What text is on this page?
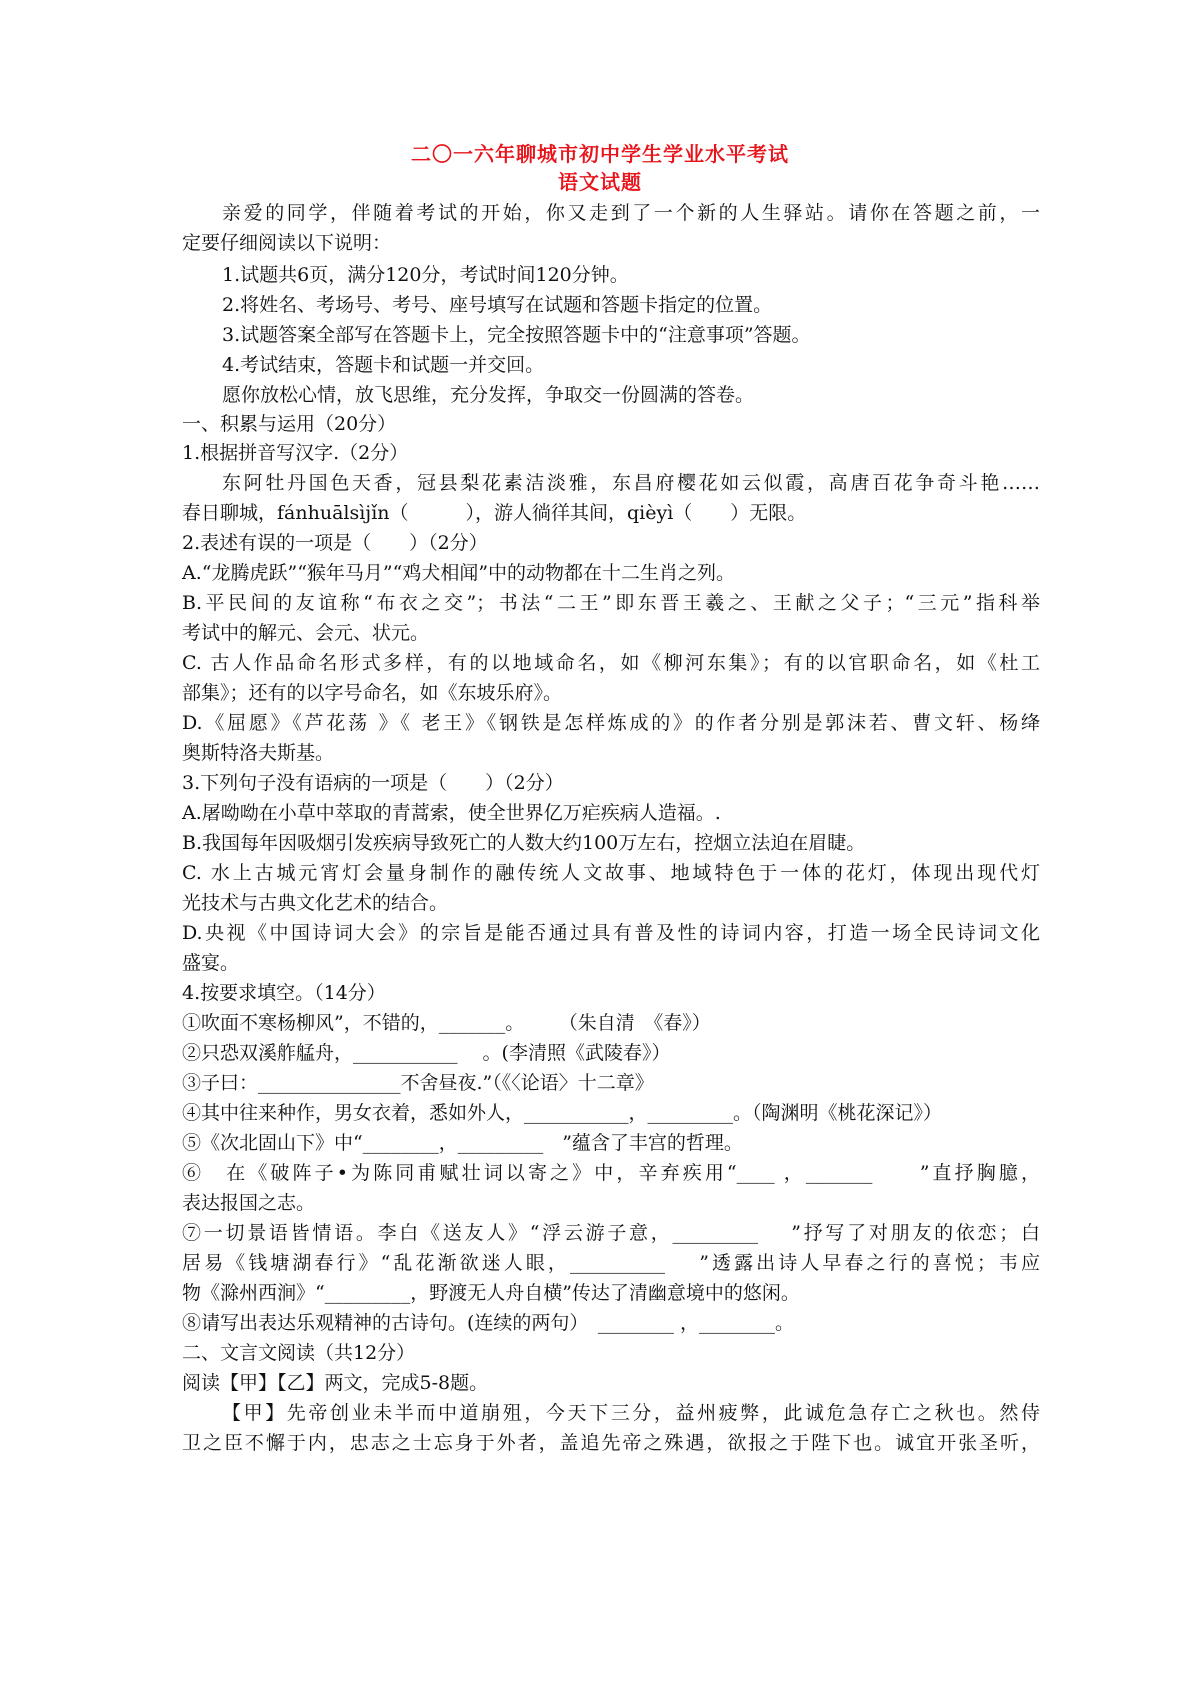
二〇一六年聊城市初中学生学业水平考试
语文试题
亲爱的同学，伴随着考试的开始，你又走到了一个新的人生驿站。请你在答题之前，一
定要仔细阅读以下说明：
1.试题共6页，满分120分，考试时间120分钟。
2.将姓名、考场号、考号、座号填写在试题和答题卡指定的位置。
3.试题答案全部写在答题卡上，完全按照答题卡中的“注意事项”答题。
4.考试结束，答题卡和试题一并交回。
愿你放松心情，放飞思维，充分发挥，争取交一份圆满的答卷。
一、积累与运用（20分）
1.根据拼音写汉字.（2分）
东阿牡丹国色天香，冠县梨花素洁淡雅，东昌府樱花如云似霞，高唐百花争奇斗艳……
春日聊城，fánhuālsìjǐn（　　　），游人徜徉其间，qièyì（　　）无限。
2.表述有误的一项是（　　）（2分）
A.“龙腾虎跃”“猴年马月”“鸡犬相闻”中的动物都在十二生肖之列。
B.平民间的友谊称“布衣之交”；书法“二王”即东晋王羲之、王献之父子；“三元”指科举
考试中的解元、会元、状元。
C. 古人作品命名形式多样，有的以地域命名，如《柳河东集》；有的以官职命名，如《杜工
部集》；还有的以字号命名，如《东坡乐府》。
D.《屈愿》《芦花荡 》《 老王》《钢铁是怎样炼成的》的作者分别是郭沫若、曹文轩、杨绛
奥斯特洛夫斯基。
3.下列句子没有语病的一项是（　　）（2分）
A.屠呦呦在小草中萃取的青蒿索，使全世界亿万疟疾病人造福。.
B.我国每年因吸烟引发疾病导致死亡的人数大约100万左右，控烟立法迫在眉睫。
C. 水上古城元宵灯会量身制作的融传统人文故事、地域特色于一体的花灯，体现出现代灯
光技术与古典文化艺术的结合。
D.央视《中国诗词大会》的宗旨是能否通过具有普及性的诗词内容，打造一场全民诗词文化
盛宴。
4.按要求填空。（14分）
①吹面不寒杨柳风”，不错的，_______。　　 （朱自清　《春》）
②只恐双溪舴艋舟，___________　 。(李清照《武陵春》）
③子曰：_______________不舍昼夜.”（《〈论语〉十二章》
④其中往来种作，男女衣着，悉如外人，___________，_________。（陶渊明《桃花深记》）
⑤《次北固山下》中“________，_________　”蕴含了丰宫的哲理。
⑥　在《破阵子•为陈同甫赋壮词以寄之》中，辛弃疾用“____ ，_______　　”直抒胸臆，
表达报国之志。
⑦一切景语皆情语。李白《送友人》“浮云游子意，_________　 ”抒写了对朋友的依恋；白
居易《钱塘湖春行》“乱花渐欲迷人眼，__________　 ”透露出诗人早春之行的喜悦；韦应
物《滁州西涧》“_________，野渡无人舟自横”传达了清幽意境中的悠闲。
⑧请写出表达乐观精神的古诗句。(连续的两句）　________ ，________。
二、文言文阅读（共12分）
阅读【甲】【乙】两文，完成5-8题。
【甲】先帝创业未半而中道崩殂，今天下三分，益州疲弊，此诚危急存亡之秋也。然侍
卫之臣不懈于内，忠志之士忘身于外者，盖追先帝之殊遇，欲报之于陛下也。诚宜开张圣听，
